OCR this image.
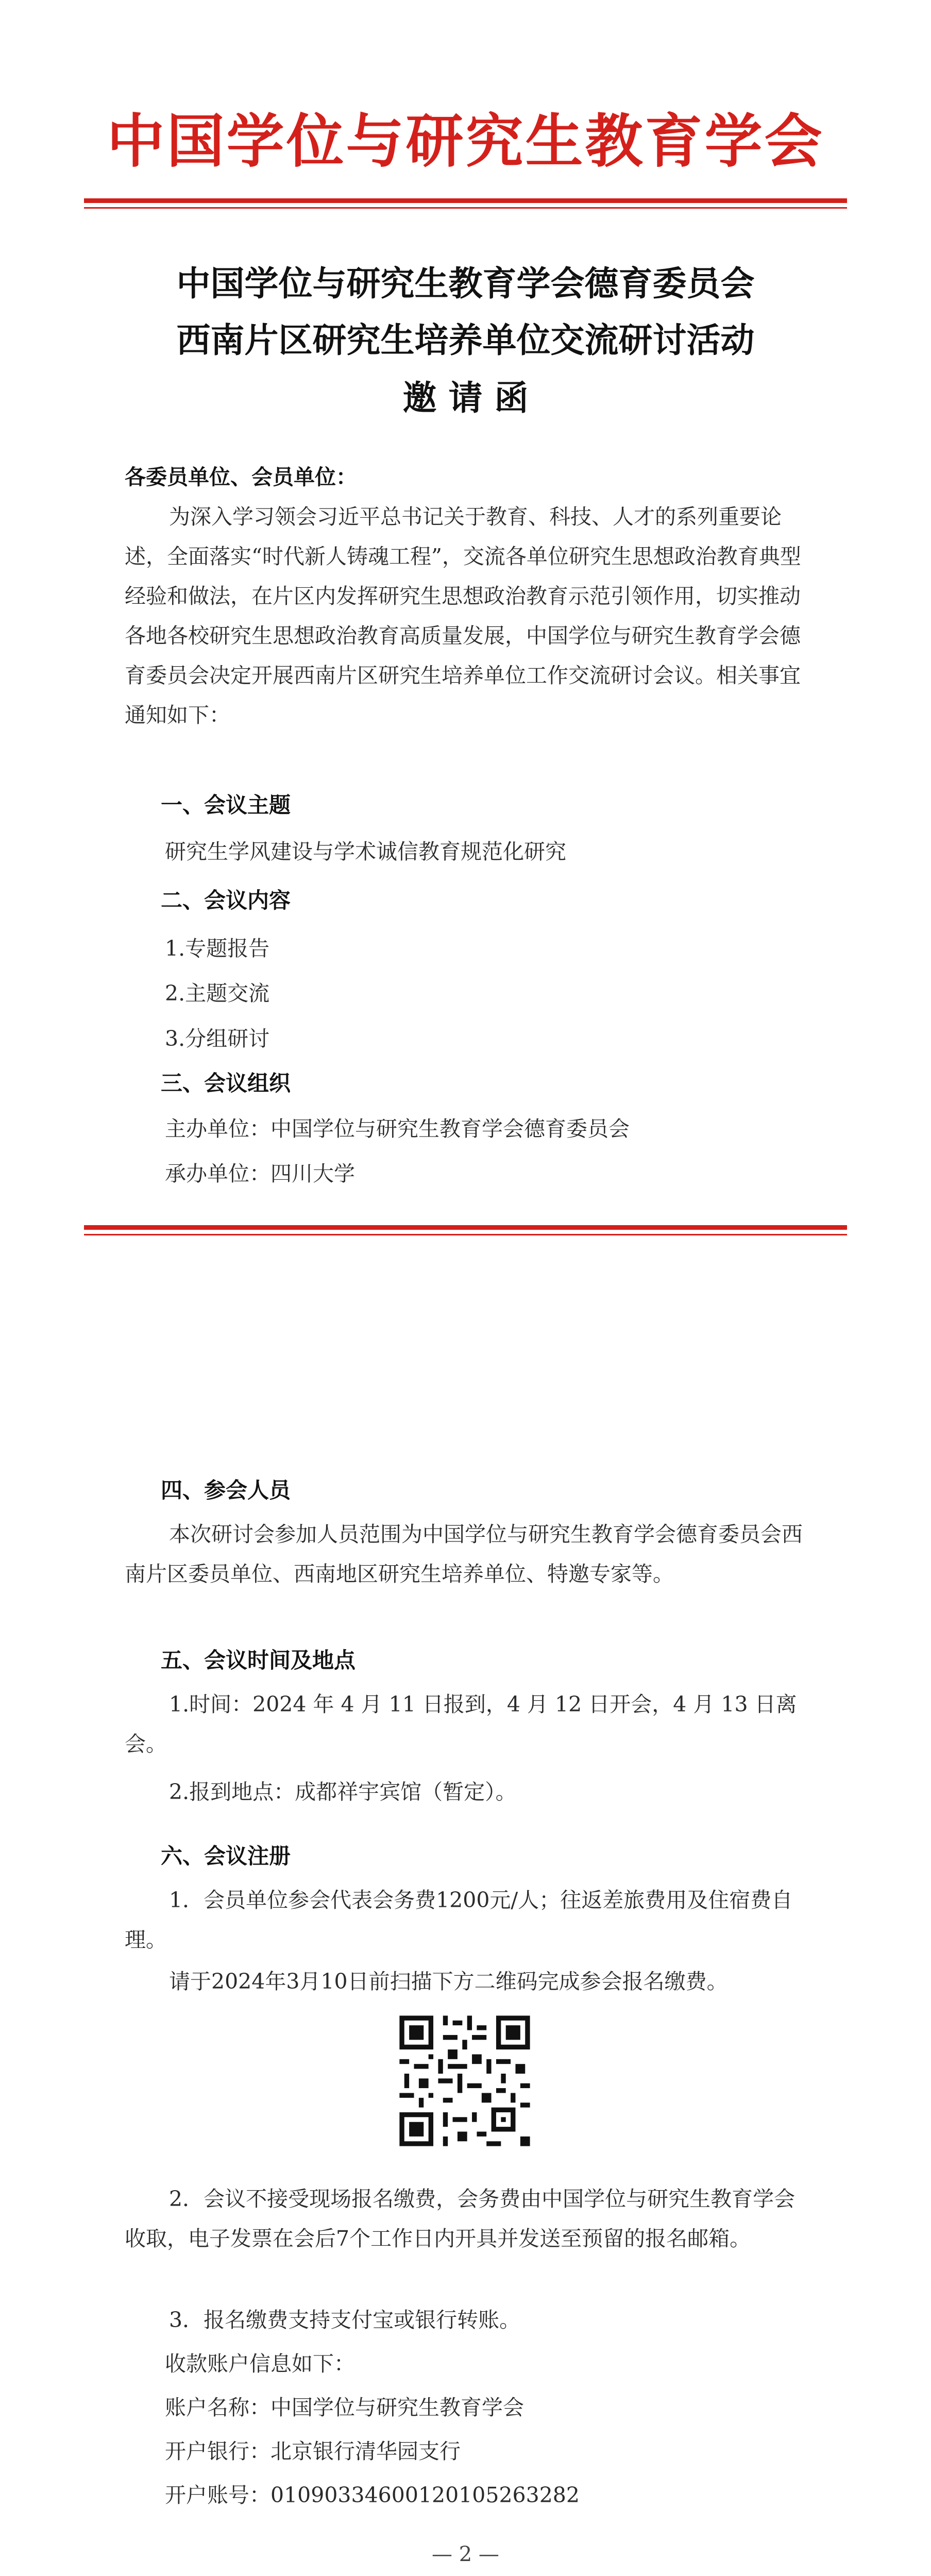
中国学位与研究生教育学会
中国学位与研究生教育学会德育委员会
西南片区研究生培养单位交流研讨活动
邀 请 函
各委员单位、会员单位：
为深入学习领会习近平总书记关于教育、科技、人才的系列重要论述，全面落实“时代新人铸魂工程”，交流各单位研究生思想政治教育典型经验和做法，在片区内发挥研究生思想政治教育示范引领作用，切实推动各地各校研究生思想政治教育高质量发展，中国学位与研究生教育学会德育委员会决定开展西南片区研究生培养单位工作交流研讨会议。相关事宜通知如下：
一、会议主题
研究生学风建设与学术诚信教育规范化研究
二、会议内容
1.专题报告
2.主题交流
3.分组研讨
三、会议组织
主办单位：中国学位与研究生教育学会德育委员会
承办单位：四川大学
四、参会人员
本次研讨会参加人员范围为中国学位与研究生教育学会德育委员会西南片区委员单位、西南地区研究生培养单位、特邀专家等。
五、会议时间及地点
1.时间：2024 年 4 月 11 日报到，4 月 12 日开会，4 月 13 日离会。
2.报到地点：成都祥宇宾馆（暂定）。
六、会议注册
1．会员单位参会代表会务费1200元/人；往返差旅费用及住宿费自理。
请于2024年3月10日前扫描下方二维码完成参会报名缴费。
2．会议不接受现场报名缴费，会务费由中国学位与研究生教育学会收取，电子发票在会后7个工作日内开具并发送至预留的报名邮箱。
3．报名缴费支持支付宝或银行转账。
收款账户信息如下：
账户名称：中国学位与研究生教育学会
开户银行：北京银行清华园支行
开户账号：01090334600120105263282
— 2 —
